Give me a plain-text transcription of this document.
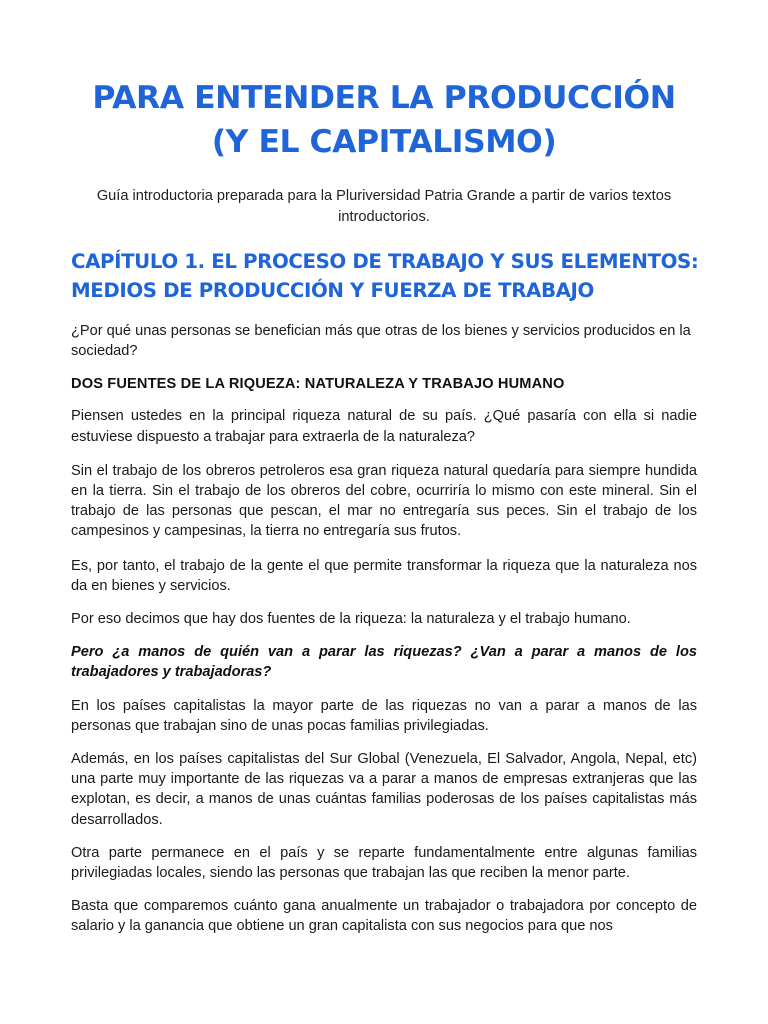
PARA ENTENDER LA PRODUCCIÓN
(Y EL CAPITALISMO)
Guía introductoria preparada para la Pluriversidad Patria Grande a partir de varios textos introductorios.
CAPÍTULO 1. EL PROCESO DE TRABAJO Y SUS ELEMENTOS:
MEDIOS DE PRODUCCIÓN Y FUERZA DE TRABAJO

¿Por qué unas personas se benefician más que otras de los bienes y servicios producidos en la sociedad?

DOS FUENTES DE LA RIQUEZA: NATURALEZA Y TRABAJO HUMANO

Piensen ustedes en la principal riqueza natural de su país. ¿Qué pasaría con ella si nadie estuviese dispuesto a trabajar para extraerla de la naturaleza?

Sin el trabajo de los obreros petroleros esa gran riqueza natural quedaría para siempre hundida en la tierra. Sin el trabajo de los obreros del cobre, ocurriría lo mismo con este mineral. Sin el trabajo de las personas que pescan, el mar no entregaría sus peces. Sin el trabajo de los campesinos y campesinas, la tierra no entregaría sus frutos.

Es, por tanto, el trabajo de la gente el que permite transformar la riqueza que la naturaleza nos da en bienes y servicios.

Por eso decimos que hay dos fuentes de la riqueza: la naturaleza y el trabajo humano.

Pero ¿a manos de quién van a parar las riquezas? ¿Van a parar a manos de los trabajadores y trabajadoras?

En los países capitalistas la mayor parte de las riquezas no van a parar a manos de las personas que trabajan sino de unas pocas familias privilegiadas.

Además, en los países capitalistas del Sur Global (Venezuela, El Salvador, Angola, Nepal, etc) una parte muy importante de las riquezas va a parar a manos de empresas extranjeras que las explotan, es decir, a manos de unas cuántas familias poderosas de los países capitalistas más desarrollados.

Otra parte permanece en el país y se reparte fundamentalmente entre algunas familias privilegiadas locales, siendo las personas que trabajan las que reciben la menor parte.

Basta que comparemos cuánto gana anualmente un trabajador o trabajadora por concepto de salario y la ganancia que obtiene un gran capitalista con sus negocios para que nos
